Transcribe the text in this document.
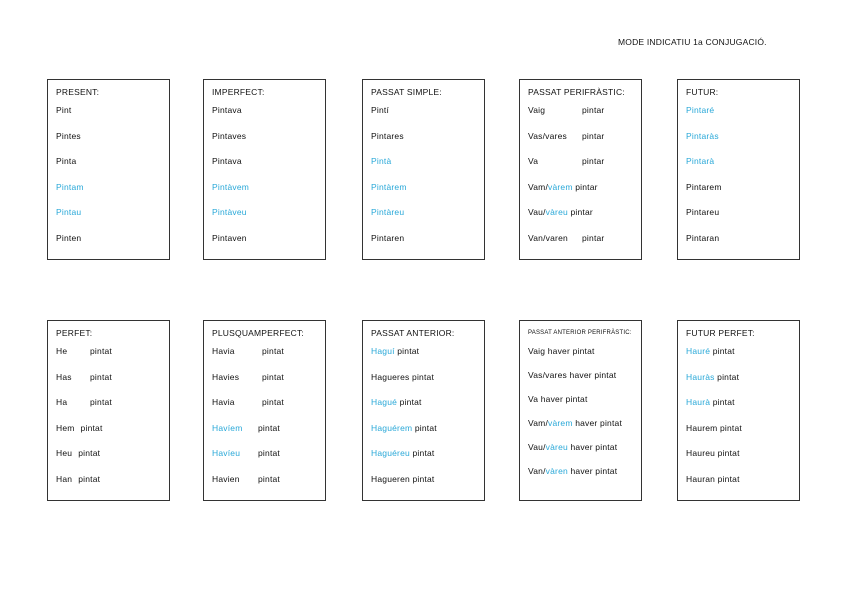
MODE INDICATIU 1a CONJUGACIÓ.
PRESENT:
Pint
Pintes
Pinta
Pintam
Pintau
Pinten
IMPERFECT:
Pintava
Pintaves
Pintava
Pintàvem
Pintàveu
Pintaven
PASSAT SIMPLE:
Pintí
Pintares
Pintà
Pintàrem
Pintàreu
Pintaren
PASSAT PERIFRÀSTIC:
Vaig	pintar
Vas/vares pintar
Va	pintar
Vam/vàrem pintar
Vau/vàreu pintar
Van/varen pintar
FUTUR:
Pintaré
Pintaràs
Pintarà
Pintarem
Pintareu
Pintaran
PERFET:
He	pintat
Has pintat
Ha	pintat
Hem pintat
Heu pintat
Han pintat
PLUSQUAMPERFECT:
Havia	pintat
Havies	pintat
Havia	pintat
Havíem pintat
Havíeu pintat
Havien pintat
PASSAT ANTERIOR:
Haguí pintat
Hagueres pintat
Hagué pintat
Haguérem pintat
Haguéreu pintat
Hagueren pintat
PASSAT ANTERIOR PERIFRÀSTIC:
Vaig haver pintat
Vas/vares haver pintat
Va haver pintat
Vam/vàrem haver pintat
Vau/vàreu haver pintat
Van/vàren haver pintat
FUTUR PERFET:
Hauré pintat
Hauràs pintat
Haurà pintat
Haurem pintat
Haureu pintat
Hauran pintat
